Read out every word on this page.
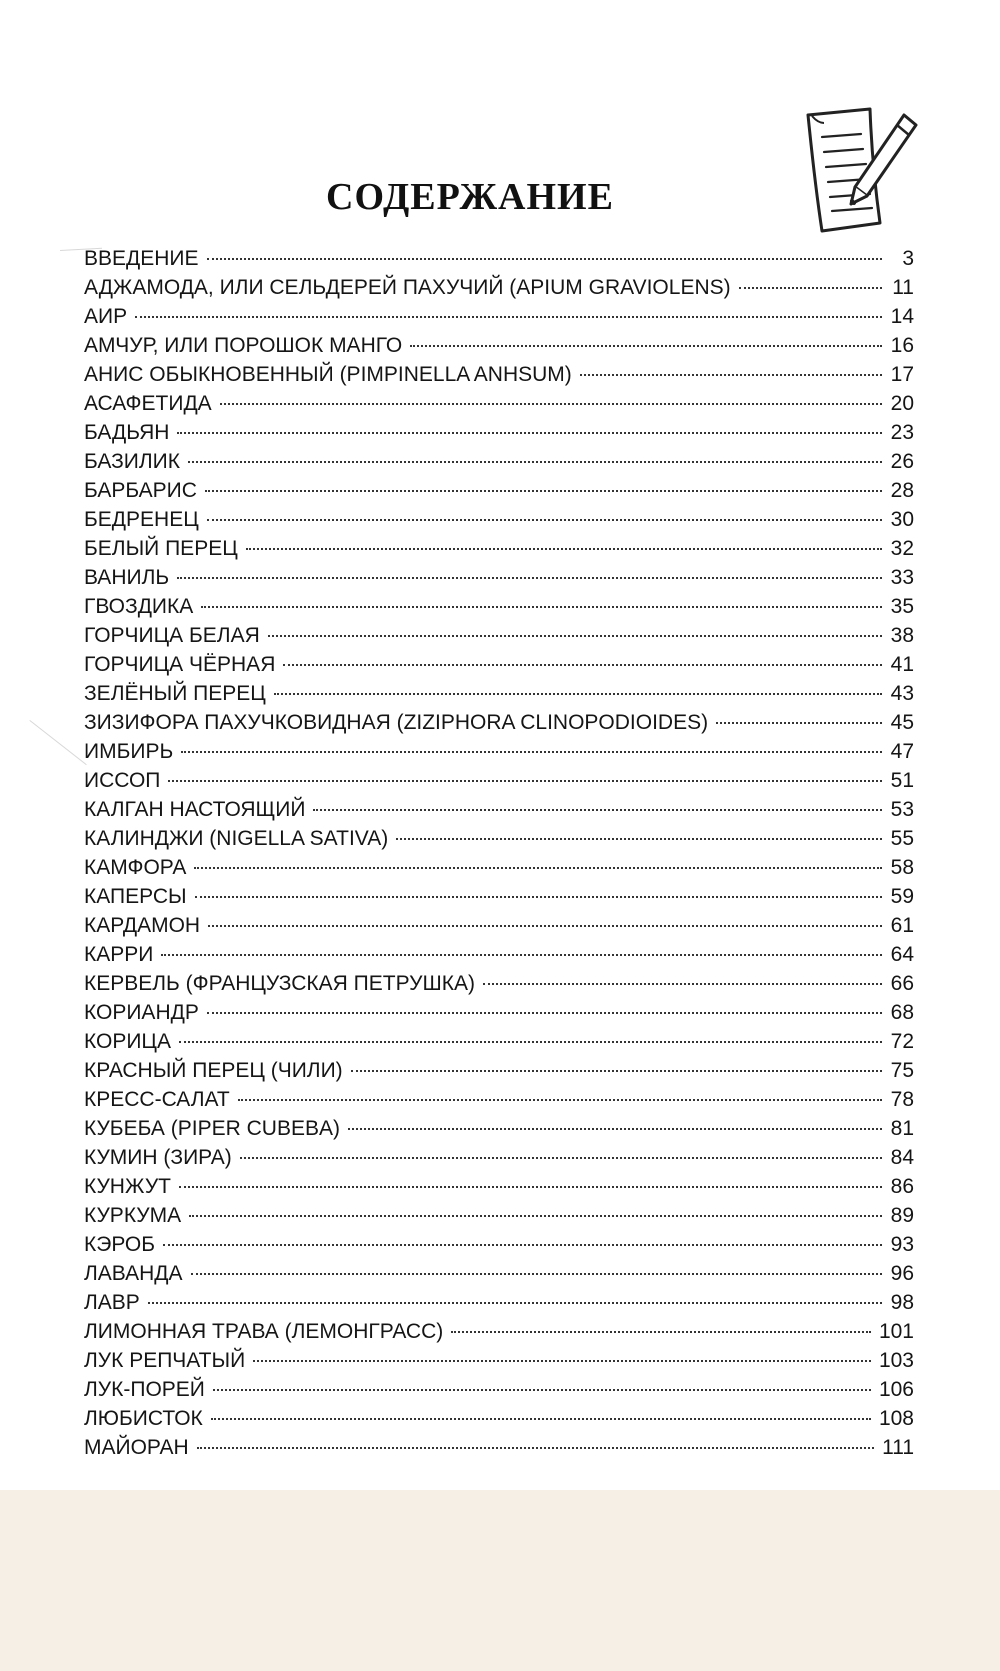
СОДЕРЖАНИЕ
ВВЕДЕНИЕ	3
АДЖАМОДА, ИЛИ СЕЛЬДЕРЕЙ ПАХУЧИЙ (APIUM GRAVIOLENS)	11
АИР	14
АМЧУР, ИЛИ ПОРОШОК МАНГО	16
АНИС ОБЫКНОВЕННЫЙ (PIMPINELLA ANHSUM)	17
АСАФЕТИДА	20
БАДЬЯН	23
БАЗИЛИК	26
БАРБАРИС	28
БЕДРЕНЕЦ	30
БЕЛЫЙ ПЕРЕЦ	32
ВАНИЛЬ	33
ГВОЗДИКА	35
ГОРЧИЦА БЕЛАЯ	38
ГОРЧИЦА ЧЁРНАЯ	41
ЗЕЛЁНЫЙ ПЕРЕЦ	43
ЗИЗИФОРА ПАХУЧКОВИДНАЯ (ZIZIPHORA CLINOPODIOIDES)	45
ИМБИРЬ	47
ИССОП	51
КАЛГАН НАСТОЯЩИЙ	53
КАЛИНДЖИ (NIGELLA SATIVA)	55
КАМФОРА	58
КАПЕРСЫ	59
КАРДАМОН	61
КАРРИ	64
КЕРВЕЛЬ (ФРАНЦУЗСКАЯ ПЕТРУШКА)	66
КОРИАНДР	68
КОРИЦА	72
КРАСНЫЙ ПЕРЕЦ (ЧИЛИ)	75
КРЕСС-САЛАТ	78
КУБЕБА (PIPER CUBEBA)	81
КУМИН (ЗИРА)	84
КУНЖУТ	86
КУРКУМА	89
КЭРОБ	93
ЛАВАНДА	96
ЛАВР	98
ЛИМОННАЯ ТРАВА (ЛЕМОНГРАСС)	101
ЛУК РЕПЧАТЫЙ	103
ЛУК-ПОРЕЙ	106
ЛЮБИСТОК	108
МАЙОРАН	111
